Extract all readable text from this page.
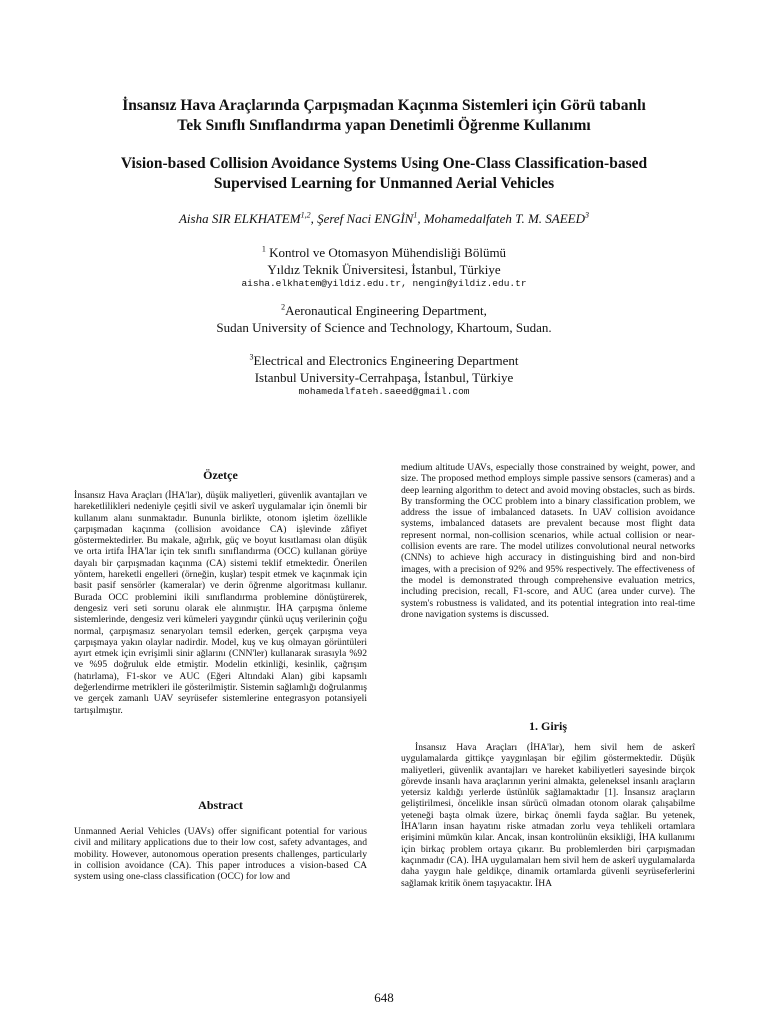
İnsansız Hava Araçlarında Çarpışmadan Kaçınma Sistemleri için Görü tabanlı
Tek Sınıflı Sınıflandırma yapan Denetimli Öğrenme Kullanımı
Vision-based Collision Avoidance Systems Using One-Class Classification-based
Supervised Learning for Unmanned Aerial Vehicles
Aisha SIR ELKHATEM$^{1,2}$, Şeref Naci ENGİN$^1$, Mohamedalfateh T. M. SAEED$^3$
$^1$ Kontrol ve Otomasyon Mühendisliği Bölümü
Yıldız Teknik Üniversitesi, İstanbul, Türkiye
aisha.elkhatem@yildiz.edu.tr, nengin@yildiz.edu.tr
$^2$Aeronautical Engineering Department,
Sudan University of Science and Technology, Khartoum, Sudan.
$^3$Electrical and Electronics Engineering Department
Istanbul University-Cerrahpaşa, İstanbul, Türkiye
mohamedalfateh.saeed@gmail.com
Özetçe

İnsansız Hava Araçları (İHA'lar), düşük maliyetleri, güvenlik avantajları ve hareketlilikleri nedeniyle çeşitli sivil ve askerî uygulamalar için önemli bir kullanım alanı sunmaktadır. Bununla birlikte, otonom işletim özellikle çarpışmadan kaçınma (collision avoidance CA) işlevinde zâfiyet göstermektedirler. Bu makale, ağırlık, güç ve boyut kısıtlaması olan düşük ve orta irtifa İHA'lar için tek sınıflı sınıflandırma (OCC) kullanan görüye dayalı bir çarpışmadan kaçınma (CA) sistemi teklif etmektedir. Önerilen yöntem, hareketli engelleri (örneğin, kuşlar) tespit etmek ve kaçınmak için basit pasif sensörler (kameralar) ve derin öğrenme algoritması kullanır. Burada OCC problemini ikili sınıflandırma problemine dönüştürerek, dengesiz veri seti sorunu olarak ele alınmıştır. İHA çarpışma önleme sistemlerinde, dengesiz veri kümeleri yaygındır çünkü uçuş verilerinin çoğu normal, çarpışmasız senaryoları temsil ederken, gerçek çarpışma veya çarpışmaya yakın olaylar nadirdir. Model, kuş ve kuş olmayan görüntüleri ayırt etmek için evrişimli sinir ağlarını (CNN'ler) kullanarak sırasıyla %92 ve %95 doğruluk elde etmiştir. Modelin etkinliği, kesinlik, çağrışım (hatırlama), F1-skor ve AUC (Eğeri Altındaki Alan) gibi kapsamlı değerlendirme metrikleri ile gösterilmiştir. Sistemin sağlamlığı doğrulanmış ve gerçek zamanlı UAV seyrüsefer sistemlerine entegrasyon potansiyeli tartışılmıştır.

Abstract

Unmanned Aerial Vehicles (UAVs) offer significant potential for various civil and military applications due to their low cost, safety advantages, and mobility. However, autonomous operation presents challenges, particularly in collision avoidance (CA). This paper introduces a vision-based CA system using one-class classification (OCC) for low and

medium altitude UAVs, especially those constrained by weight, power, and size. The proposed method employs simple passive sensors (cameras) and a deep learning algorithm to detect and avoid moving obstacles, such as birds. By transforming the OCC problem into a binary classification problem, we address the issue of imbalanced datasets. In UAV collision avoidance systems, imbalanced datasets are prevalent because most flight data represent normal, non-collision scenarios, while actual collision or near-collision events are rare. The model utilizes convolutional neural networks (CNNs) to achieve high accuracy in distinguishing bird and non-bird images, with a precision of 92% and 95% respectively. The effectiveness of the model is demonstrated through comprehensive evaluation metrics, including precision, recall, F1-score, and AUC (area under curve). The system's robustness is validated, and its potential integration into real-time drone navigation systems is discussed.

1. Giriş

İnsansız Hava Araçları (İHA'lar), hem sivil hem de askerî uygulamalarda gittikçe yaygınlaşan bir eğilim göstermektedir. Düşük maliyetleri, güvenlik avantajları ve hareket kabiliyetleri sayesinde birçok görevde insanlı hava araçlarının yerini almakta, geleneksel insanlı araçların yetersiz kaldığı yerlerde üstünlük sağlamaktadır [1]. İnsansız araçların geliştirilmesi, öncelikle insan sürücü olmadan otonom olarak çalışabilme yeteneği başta olmak üzere, birkaç önemli fayda sağlar. Bu yetenek, İHA'ların insan hayatını riske atmadan zorlu veya tehlikeli ortamlara erişimini mümkün kılar. Ancak, insan kontrolünün eksikliği, İHA kullanımı için birkaç problem ortaya çıkarır. Bu problemlerden biri çarpışmadan kaçınmadır (CA). İHA uygulamaları hem sivil hem de askerî uygulamalarda daha yaygın hale geldikçe, dinamik ortamlarda güvenli seyrüseferlerini sağlamak kritik önem taşıyacaktır. İHA

648
